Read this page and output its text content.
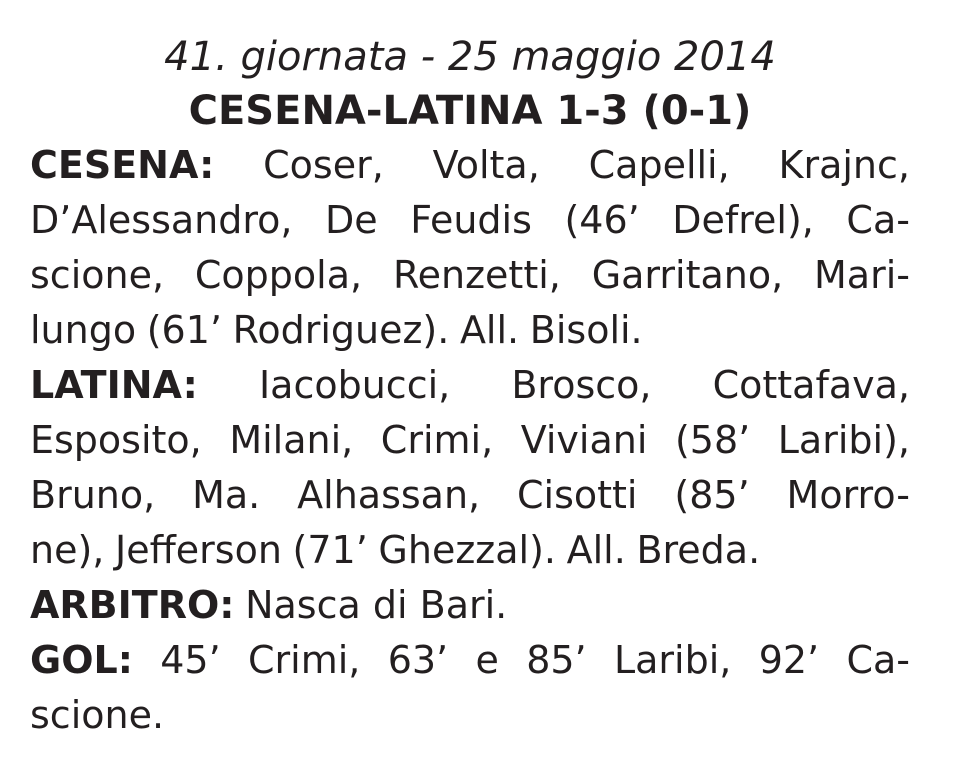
41. giornata - 25 maggio 2014
CESENA-LATINA 1-3 (0-1)
CESENA: Coser, Volta, Capelli, Krajnc,
D’Alessandro, De Feudis (46’ Defrel), Ca-
scione, Coppola, Renzetti, Garritano, Mari-
lungo (61’ Rodriguez). All. Bisoli.
LATINA: Iacobucci, Brosco, Cottafava,
Esposito, Milani, Crimi, Viviani (58’ Laribi),
Bruno, Ma. Alhassan, Cisotti (85’ Morro-
ne), Jefferson (71’ Ghezzal). All. Breda.
ARBITRO: Nasca di Bari.
GOL: 45’ Crimi, 63’ e 85’ Laribi, 92’ Ca-
scione.
